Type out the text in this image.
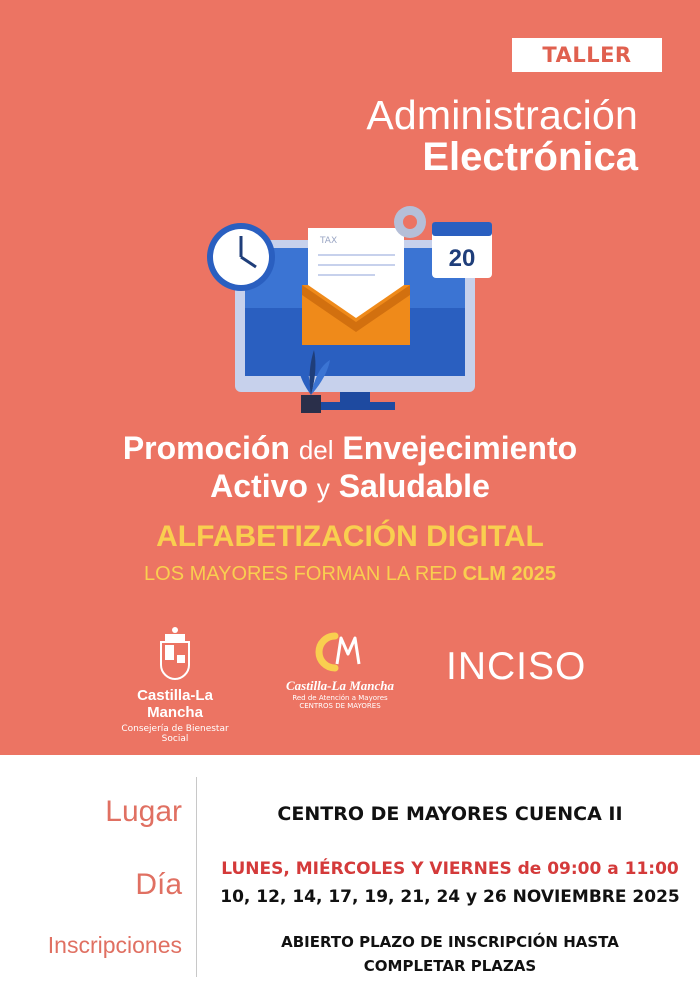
TALLER
Administración
Electrónica
TAX
20
Promoción del Envejecimiento
Activo y Saludable
ALFABETIZACIÓN DIGITAL
LOS MAYORES FORMAN LA RED CLM 2025
Castilla-La Mancha
Consejería de Bienestar Social
Castilla-La Mancha
Red de Atención a Mayores
CENTROS DE MAYORES
INCISO
Lugar	CENTRO DE MAYORES CUENCA II
Día	LUNES, MIÉRCOLES Y VIERNES de 09:00 a 11:00
10, 12, 14, 17, 19, 21, 24 y 26 NOVIEMBRE 2025
Inscripciones	ABIERTO PLAZO DE INSCRIPCIÓN HASTA
COMPLETAR PLAZAS
